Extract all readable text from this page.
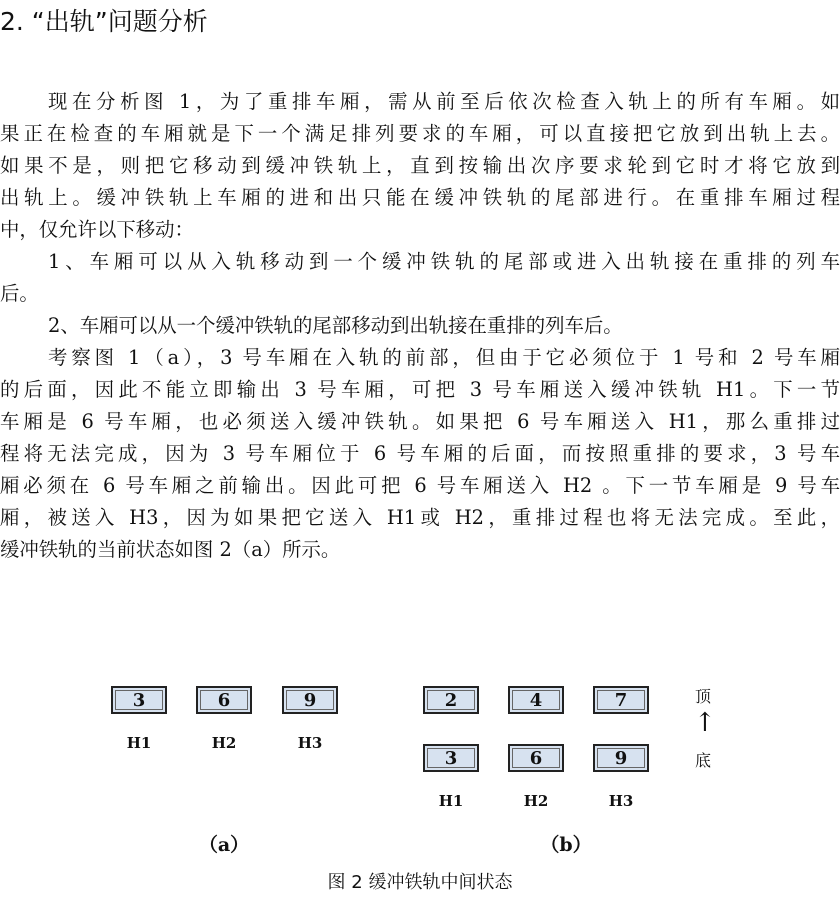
2. “出轨”问题分析
现在分析图 1，为了重排车厢，需从前至后依次检查入轨上的所有车厢。如
果正在检查的车厢就是下一个满足排列要求的车厢，可以直接把它放到出轨上去。
如果不是，则把它移动到缓冲铁轨上，直到按输出次序要求轮到它时才将它放到
出轨上。缓冲铁轨上车厢的进和出只能在缓冲铁轨的尾部进行。在重排车厢过程
中，仅允许以下移动：
1、车厢可以从入轨移动到一个缓冲铁轨的尾部或进入出轨接在重排的列车
后。
2、车厢可以从一个缓冲铁轨的尾部移动到出轨接在重排的列车后。
考察图 1（a），3 号车厢在入轨的前部，但由于它必须位于 1 号和 2 号车厢
的后面，因此不能立即输出 3 号车厢，可把 3 号车厢送入缓冲铁轨 H1。下一节
车厢是 6 号车厢，也必须送入缓冲铁轨。如果把 6 号车厢送入 H1，那么重排过
程将无法完成，因为 3 号车厢位于 6 号车厢的后面，而按照重排的要求，3 号车
厢必须在 6 号车厢之前输出。因此可把 6 号车厢送入 H2 。下一节车厢是 9 号车
厢，被送入 H3，因为如果把它送入 H1或 H2，重排过程也将无法完成。至此，
缓冲铁轨的当前状态如图 2（a）所示。
3	6	9
H1	H2	H3
（a）
2	4	7
3	6	9
H1	H2	H3
（b）
顶
↑
底
图 2 缓冲铁轨中间状态
